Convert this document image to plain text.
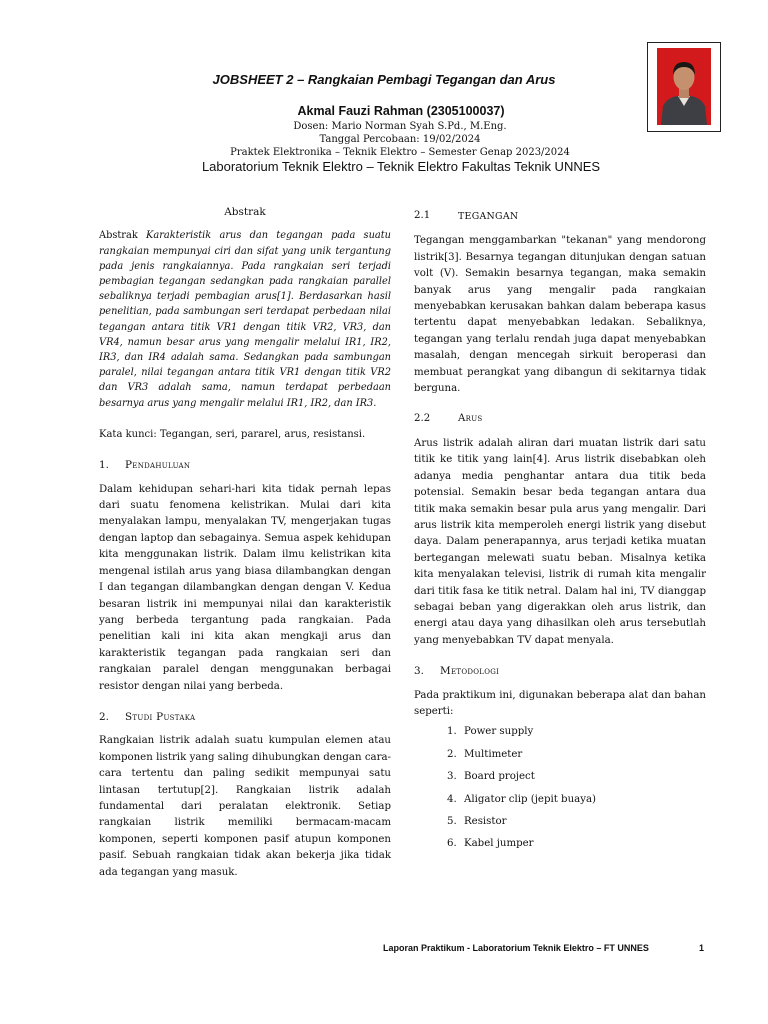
JOBSHEET 2 – Rangkaian Pembagi Tegangan dan Arus
Akmal Fauzi Rahman (2305100037)
Dosen: Mario Norman Syah S.Pd., M.Eng.
Tanggal Percobaan: 19/02/2024
Praktek Elektronika – Teknik Elektro – Semester Genap 2023/2024
Laboratorium Teknik Elektro – Teknik Elektro Fakultas Teknik UNNES
Abstrak

Abstrak Karakteristik arus dan tegangan pada suatu rangkaian mempunyai ciri dan sifat yang unik tergantung pada jenis rangkaiannya. Pada rangkaian seri terjadi pembagian tegangan sedangkan pada rangkaian parallel sebaliknya terjadi pembagian arus[1]. Berdasarkan hasil penelitian, pada sambungan seri terdapat perbedaan nilai tegangan antara titik VR1 dengan titik VR2, VR3, dan VR4, namun besar arus yang mengalir melalui IR1, IR2, IR3, dan IR4 adalah sama. Sedangkan pada sambungan paralel, nilai tegangan antara titik VR1 dengan titik VR2 dan VR3 adalah sama, namun terdapat perbedaan besarnya arus yang mengalir melalui IR1, IR2, dan IR3.

Kata kunci: Tegangan, seri, pararel, arus, resistansi.

1.	Pendahuluan

Dalam kehidupan sehari-hari kita tidak pernah lepas dari suatu fenomena kelistrikan. Mulai dari kita menyalakan lampu, menyalakan TV, mengerjakan tugas dengan laptop dan sebagainya. Semua aspek kehidupan kita menggunakan listrik. Dalam ilmu kelistrikan kita mengenal istilah arus yang biasa dilambangkan dengan I dan tegangan dilambangkan dengan dengan V. Kedua besaran listrik ini mempunyai nilai dan karakteristik yang berbeda tergantung pada rangkaian. Pada penelitian kali ini kita akan mengkaji arus dan karakteristik tegangan pada rangkaian seri dan rangkaian paralel dengan menggunakan berbagai resistor dengan nilai yang berbeda.

2.	Studi Pustaka

Rangkaian listrik adalah suatu kumpulan elemen atau komponen listrik yang saling dihubungkan dengan cara-cara tertentu dan paling sedikit mempunyai satu lintasan tertutup[2]. Rangkaian listrik adalah fundamental dari peralatan elektronik. Setiap rangkaian listrik memiliki bermacam-macam komponen, seperti komponen pasif atupun komponen pasif. Sebuah rangkaian tidak akan bekerja jika tidak ada tegangan yang masuk.

2.1	TEGANGAN

Tegangan menggambarkan "tekanan" yang mendorong listrik[3]. Besarnya tegangan ditunjukan dengan satuan volt (V). Semakin besarnya tegangan, maka semakin banyak arus yang mengalir pada rangkaian menyebabkan kerusakan bahkan dalam beberapa kasus tertentu dapat menyebabkan ledakan. Sebaliknya, tegangan yang terlalu rendah juga dapat menyebabkan masalah, dengan mencegah sirkuit beroperasi dan membuat perangkat yang dibangun di sekitarnya tidak berguna.

2.2	Arus

Arus listrik adalah aliran dari muatan listrik dari satu titik ke titik yang lain[4]. Arus listrik disebabkan oleh adanya media penghantar antara dua titik beda potensial. Semakin besar beda tegangan antara dua titik maka semakin besar pula arus yang mengalir. Dari arus listrik kita memperoleh energi listrik yang disebut daya. Dalam penerapannya, arus terjadi ketika muatan bertegangan melewati suatu beban. Misalnya ketika kita menyalakan televisi, listrik di rumah kita mengalir dari titik fasa ke titik netral. Dalam hal ini, TV dianggap sebagai beban yang digerakkan oleh arus listrik, dan energi atau daya yang dihasilkan oleh arus tersebutlah yang menyebabkan TV dapat menyala.

3.	Metodologi

Pada praktikum ini, digunakan beberapa alat dan bahan seperti:

1. Power supply
2. Multimeter
3. Board project
4. Aligator clip (jepit buaya)
5. Resistor
6. Kabel jumper
Laporan Praktikum - Laboratorium Teknik Elektro – FT UNNES	1
